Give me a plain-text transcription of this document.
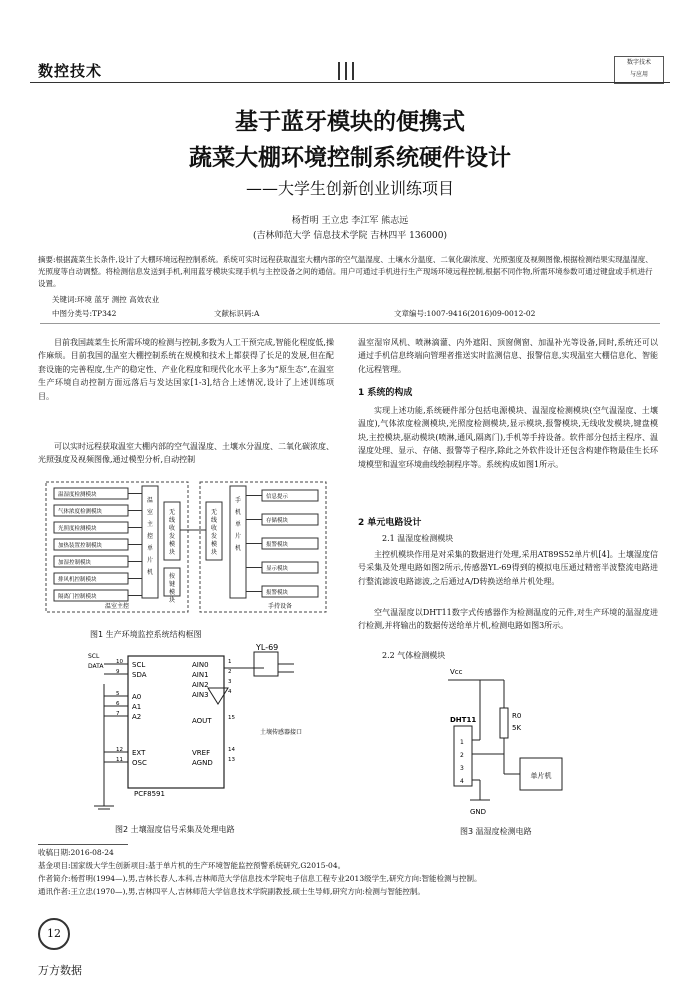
数控技术	数字技术
与应用
基于蓝牙模块的便携式
蔬菜大棚环境控制系统硬件设计
——大学生创新创业训练项目
杨哲明 王立忠 李江军 熊志远
(吉林师范大学 信息技术学院 吉林四平 136000)
摘要:根据蔬菜生长条件,设计了大棚环境远程控制系统。系统可实时远程获取温室大棚内部的空气温湿度、土壤水分温度、二氧化碳浓度、光照强度及视频图像,根据检测结果实现温湿度、光照度等自动调整。将检测信息发送到手机,利用蓝牙模块实现手机与主控设备之间的通信。用户可通过手机进行生产现场环境远程控制,根据不同作物,所需环境参数可通过键盘或手机进行设置。
关键词:环境 蓝牙 测控 高效农业
中图分类号:TP342	文献标识码:A	文章编号:1007-9416(2016)09-0012-02
目前我国蔬菜生长所需环境的检测与控制,多数为人工干预完成,智能化程度低,操作麻烦。目前我国的温室大棚控制系统在规模和技术上都获得了长足的发展,但在配套设施的完善程度,生产的稳定性、产业化程度和现代化水平上多为“原生态”,在温室生产环境自动控制方面远落后与发达国家[1-3],结合上述情况,设计了上述训练项目。
可以实时远程获取温室大棚内部的空气温湿度、土壤水分温度、二氧化碳浓度、光照强度及视频图像,通过模型分析,自动控制
温湿度检测模块
气体浓度检测模块
光照度检测模块
加热装置控制模块
加湿控制模块
排风机控制模块
隔离门控制模块
温室主控单片机
无线收发模块
按键模块
温室主控
无线收发模块
手机单片机
信息提示
存储模块
报警模块
显示模块
报警模块
手持设备
图1 生产环境监控系统结构框图
SCL
10
SDA
9
A0
5
A1
6
A2
7
EXT
12
OSC
11
AIN0	1
AIN1	2
AIN2	3
AIN3	4
AOUT	15
VREF	14
AGND	13
PCF8591
SCL
DATA
YL-69
土壤传感器接口
图2 土壤湿度信号采集及处理电路
温室湿帘风机、喷淋滴灌、内外遮阳、顶窗侧窗、加温补光等设备,同时,系统还可以通过手机信息终端向管理者推送实时监测信息、报警信息,实现温室大棚信息化、智能化远程管理。
1 系统的构成
实现上述功能,系统硬件部分包括电源模块、温湿度检测模块(空气温湿度、土壤温度),气体浓度检测模块,光照度检测模块,显示模块,报警模块,无线收发模块,键盘模块,主控模块,驱动模块(喷淋,通风,隔离门),手机等手持设备。软件部分包括主程序、温湿度处理、显示、存储、报警等子程序,除此之外软件设计还包含构建作物最佳生长环境模型和温室环境曲线绘制程序等。系统构成如图1所示。
2 单元电路设计
2.1 温湿度检测模块
主控机模块作用是对采集的数据进行处理,采用AT89S52单片机[4]。土壤湿度信号采集及处理电路如图2所示,传感器YL-69得到的模拟电压通过精密半波整流电路进行整流滤波电路滤波,之后通过A/D转换送给单片机处理。
空气温湿度以DHT11数字式传感器作为检测温度的元件,对生产环境的温湿度进行检测,并将输出的数据传送给单片机,检测电路如图3所示。
2.2 气体检测模块
Vcc
R0
5K
单片机
DHT11
1
2
3
4
GND
图3 温湿度检测电路
收稿日期:2016-08-24
基金项目:国家级大学生创新项目:基于单片机的生产环境智能监控预警系统研究,G2015-04。
作者简介:杨哲明(1994—),男,吉林长春人,本科,吉林师范大学信息技术学院电子信息工程专业2013级学生,研究方向:智能检测与控制。
通讯作者:王立忠(1970—),男,吉林四平人,吉林师范大学信息技术学院副教授,硕士生导师,研究方向:检测与智能控制。
12
万方数据
